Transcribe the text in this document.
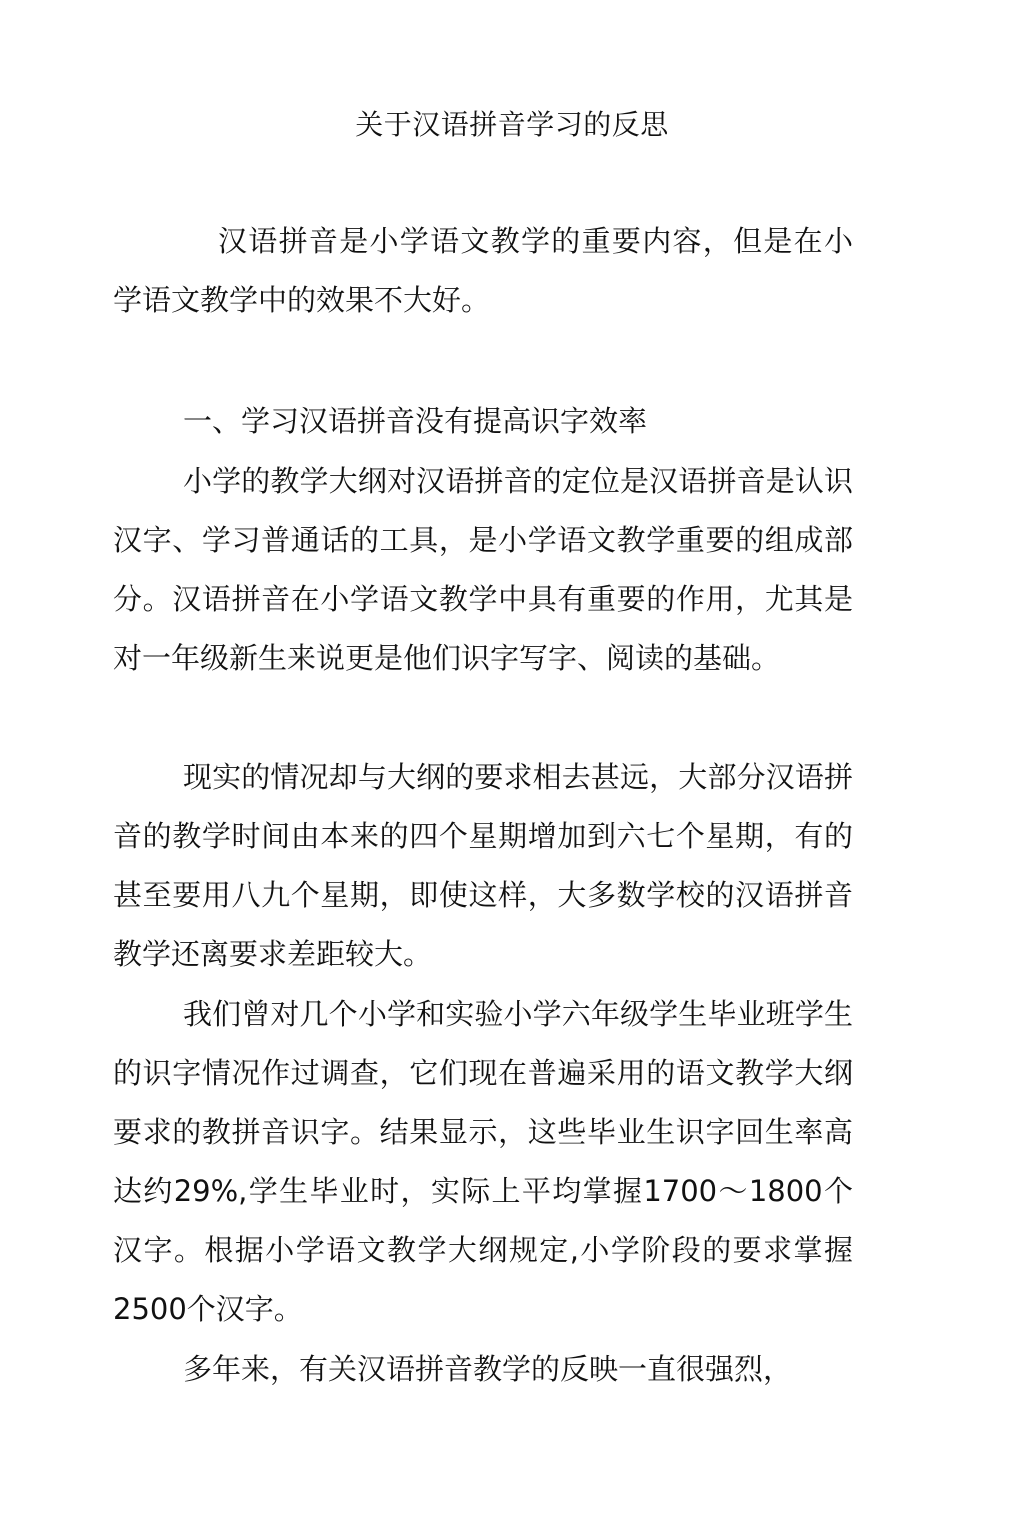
关于汉语拼音学习的反思

汉语拼音是小学语文教学的重要内容，但是在小学语文教学中的效果不大好。

一、学习汉语拼音没有提高识字效率

小学的教学大纲对汉语拼音的定位是汉语拼音是认识汉字、学习普通话的工具，是小学语文教学重要的组成部分。汉语拼音在小学语文教学中具有重要的作用，尤其是对一年级新生来说更是他们识字写字、阅读的基础。

现实的情况却与大纲的要求相去甚远，大部分汉语拼音的教学时间由本来的四个星期增加到六七个星期，有的甚至要用八九个星期，即使这样，大多数学校的汉语拼音教学还离要求差距较大。

我们曾对几个小学和实验小学六年级学生毕业班学生的识字情况作过调查，它们现在普遍采用的语文教学大纲要求的教拼音识字。结果显示，这些毕业生识字回生率高达约29%,学生毕业时，实际上平均掌握1700～1800个汉字。根据小学语文教学大纲规定,小学阶段的要求掌握2500个汉字。

多年来，有关汉语拼音教学的反映一直很强烈，
